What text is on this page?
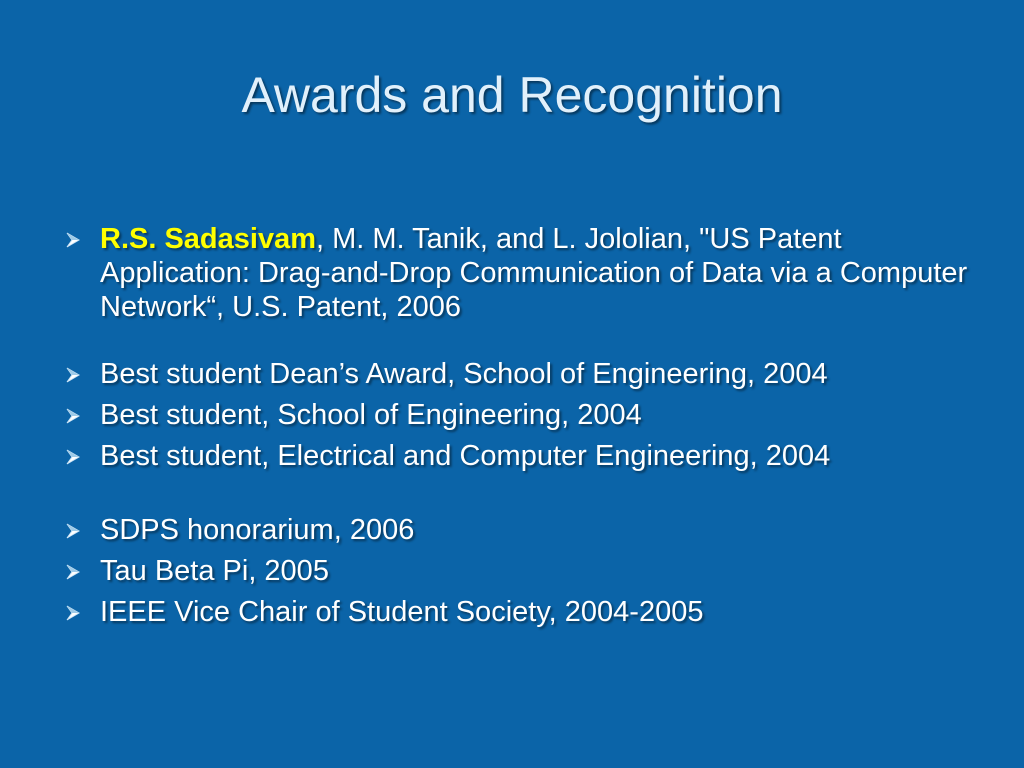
Awards and Recognition
R.S. Sadasivam, M. M. Tanik, and L. Jololian, "US Patent Application: Drag-and-Drop Communication of Data via a Computer Network“, U.S. Patent, 2006
Best student Dean’s Award, School of Engineering, 2004
Best student, School of Engineering, 2004
Best student, Electrical and Computer Engineering, 2004
SDPS honorarium, 2006
Tau Beta Pi, 2005
IEEE Vice Chair of Student Society, 2004-2005
